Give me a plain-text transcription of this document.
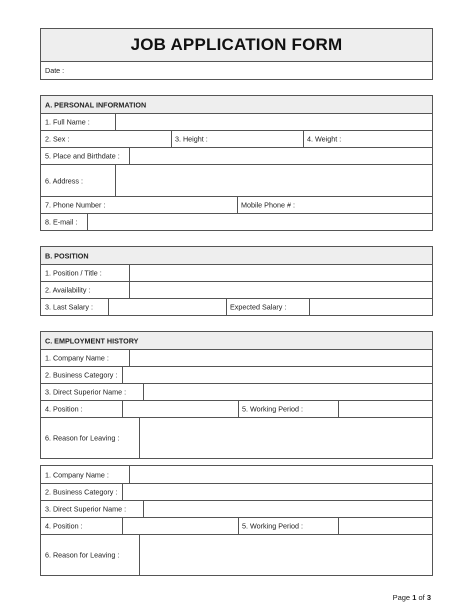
JOB APPLICATION FORM
Date :
A. PERSONAL INFORMATION
1. Full Name :
2. Sex :	3. Height :	4. Weight :
5. Place and Birthdate :
6. Address :
7. Phone Number :	Mobile Phone # :
8. E-mail :
B. POSITION
1. Position / Title :
2. Availability :
3. Last Salary :	Expected Salary :
C. EMPLOYMENT HISTORY
1. Company Name :
2. Business Category :
3. Direct Superior Name :
4. Position :	5. Working Period :
6. Reason for Leaving :
1. Company Name :
2. Business Category :
3. Direct Superior Name :
4. Position :	5. Working Period :
6. Reason for Leaving :
Page 1 of 3
